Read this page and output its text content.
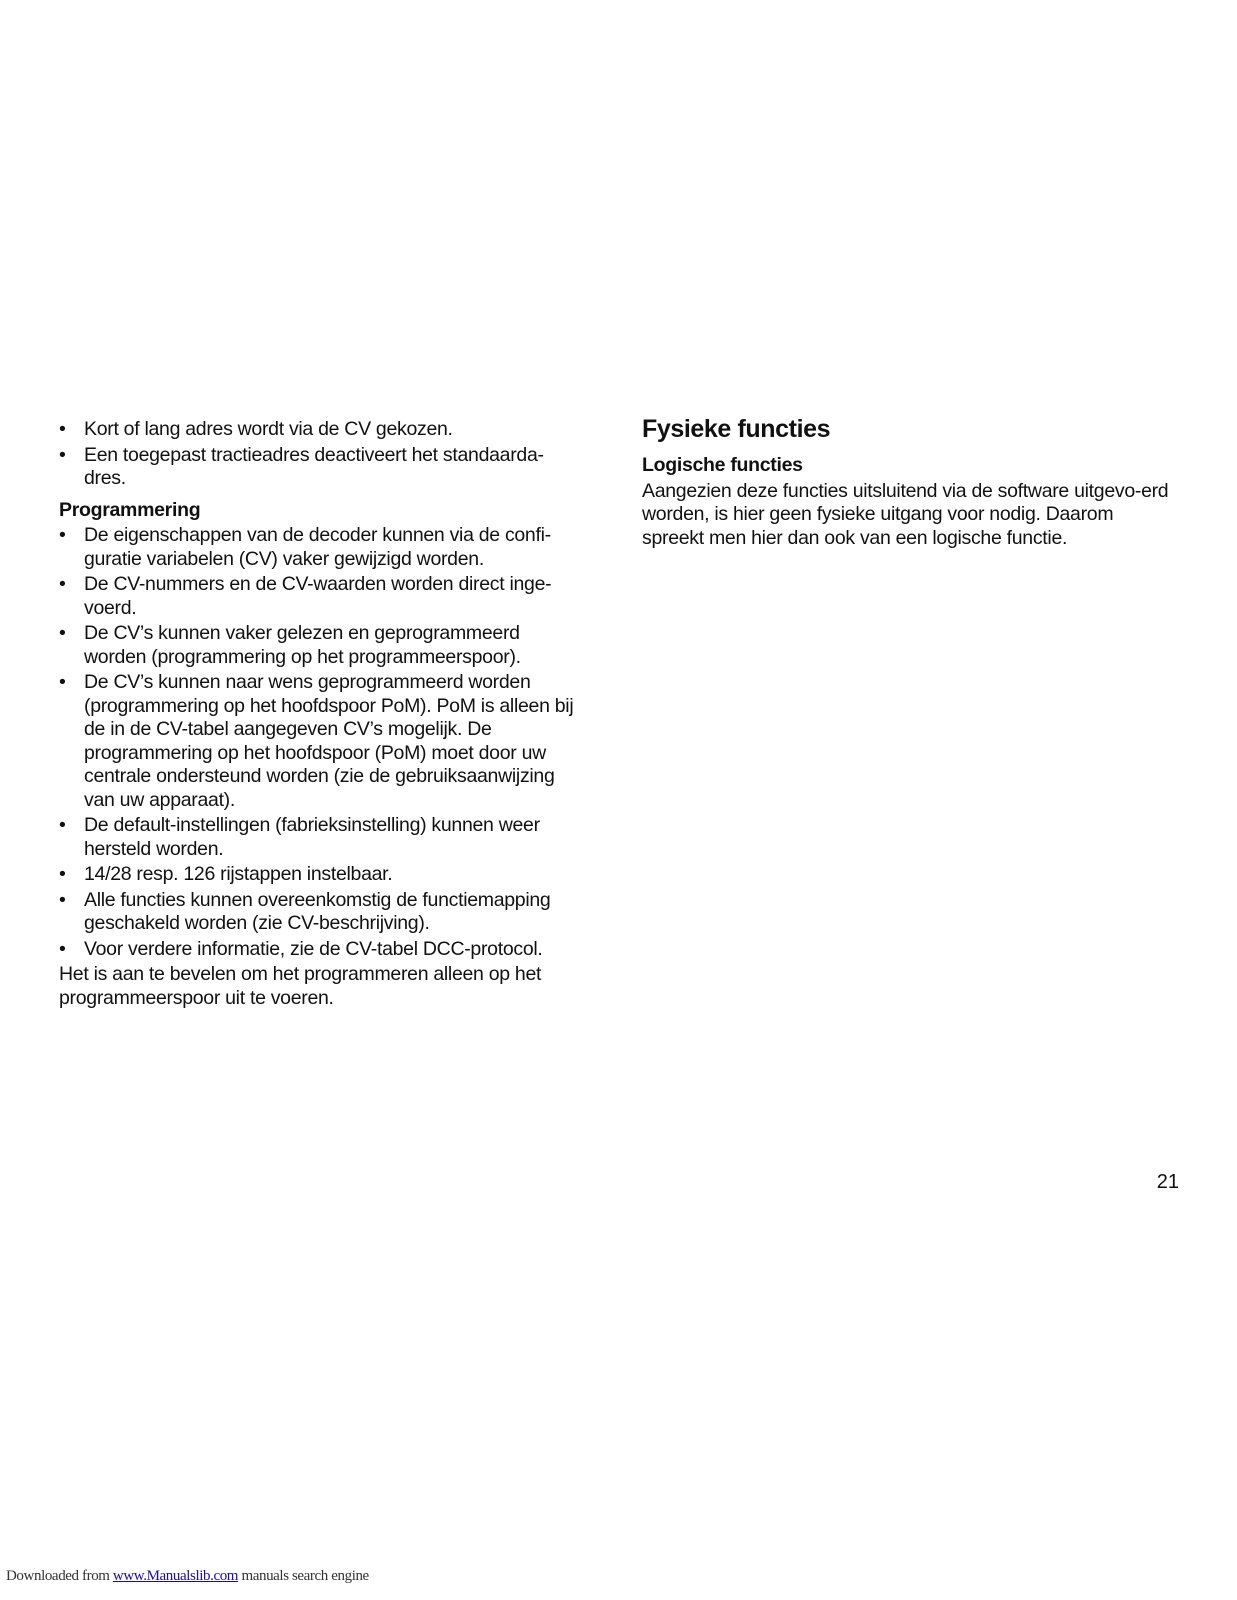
• Kort of lang adres wordt via de CV gekozen.
• Een toegepast tractieadres deactiveert het standaarda-dres.
Programmering
• De eigenschappen van de decoder kunnen via de confi-guratie variabelen (CV) vaker gewijzigd worden.
• De CV-nummers en de CV-waarden worden direct inge-voerd.
• De CV’s kunnen vaker gelezen en geprogrammeerd worden (programmering op het programmeerspoor).
• De CV’s kunnen naar wens geprogrammeerd worden (programmering op het hoofdspoor PoM). PoM is alleen bij de in de CV-tabel aangegeven CV’s mogelijk. De programmering op het hoofdspoor (PoM) moet door uw centrale ondersteund worden (zie de gebruiksaanwijzing van uw apparaat).
• De default-instellingen (fabrieksinstelling) kunnen weer hersteld worden.
• 14/28 resp. 126 rijstappen instelbaar.
• Alle functies kunnen overeenkomstig de functiemapping geschakeld worden (zie CV-beschrijving).
• Voor verdere informatie, zie de CV-tabel DCC-protocol.

Het is aan te bevelen om het programmeren alleen op het programmeerspoor uit te voeren.

Fysieke functies
Logische functies

Aangezien deze functies uitsluitend via de software uitgevo-erd worden, is hier geen fysieke uitgang voor nodig. Daarom spreekt men hier dan ook van een logische functie.

21
Downloaded from www.Manualslib.com manuals search engine
